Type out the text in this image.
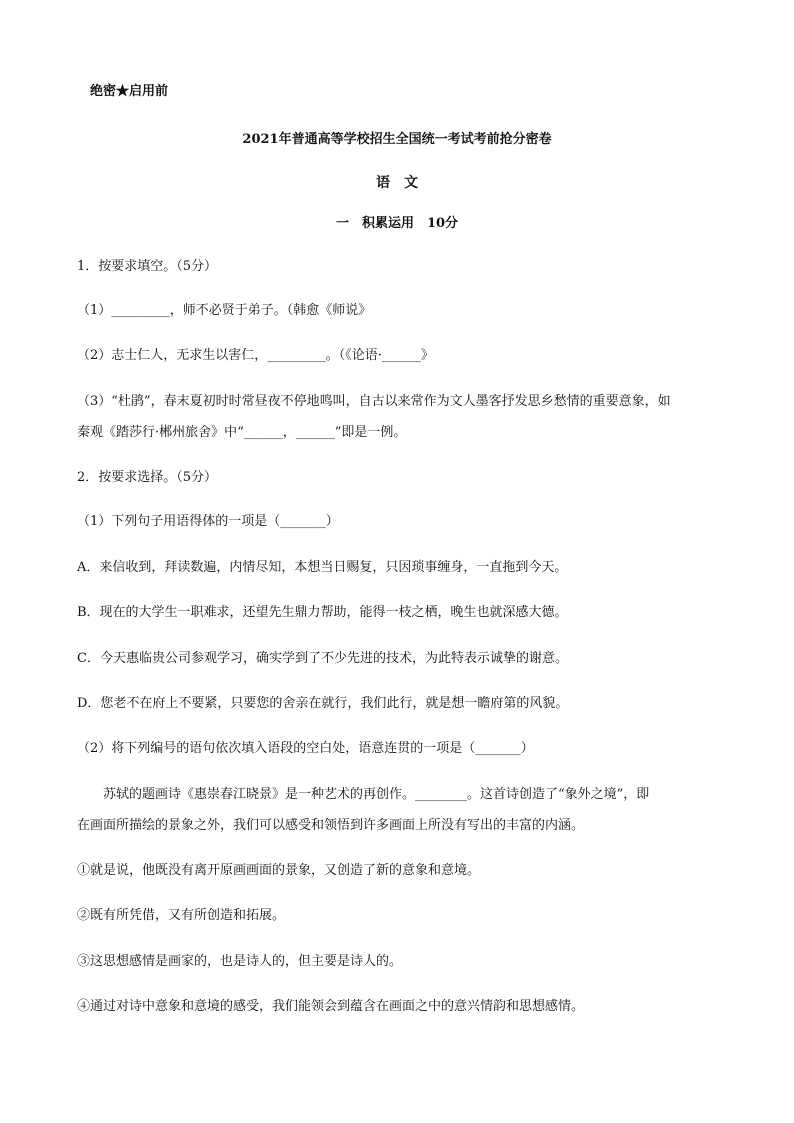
绝密★启用前
2021年普通高等学校招生全国统一考试考前抢分密卷
语　文
一　积累运用　10分
1．按要求填空。（5分）
（1）_________，师不必贤于弟子。（韩愈《师说》
（2）志士仁人，无求生以害仁，_________。（《论语·______》
（3）“杜鹃”，春末夏初时时常昼夜不停地鸣叫，自古以来常作为文人墨客抒发思乡愁情的重要意象，如
秦观《踏莎行·郴州旅舍》中“______，______”即是一例。
2．按要求选择。（5分）
（1）下列句子用语得体的一项是（_______）
A．来信收到，拜读数遍，内情尽知，本想当日赐复，只因琐事缠身，一直拖到今天。
B．现在的大学生一职难求，还望先生鼎力帮助，能得一枝之栖，晚生也就深感大德。
C．今天惠临贵公司参观学习，确实学到了不少先进的技术，为此特表示诚挚的谢意。
D．您老不在府上不要紧，只要您的舍亲在就行，我们此行，就是想一瞻府第的风貌。
（2）将下列编号的语句依次填入语段的空白处，语意连贯的一项是（_______）
苏轼的题画诗《惠崇春江晓景》是一种艺术的再创作。________。这首诗创造了“象外之境”，即
在画面所描绘的景象之外，我们可以感受和领悟到许多画面上所没有写出的丰富的内涵。
①就是说，他既没有离开原画画面的景象，又创造了新的意象和意境。
②既有所凭借，又有所创造和拓展。
③这思想感情是画家的，也是诗人的，但主要是诗人的。
④通过对诗中意象和意境的感受，我们能领会到蕴含在画面之中的意兴情韵和思想感情。
